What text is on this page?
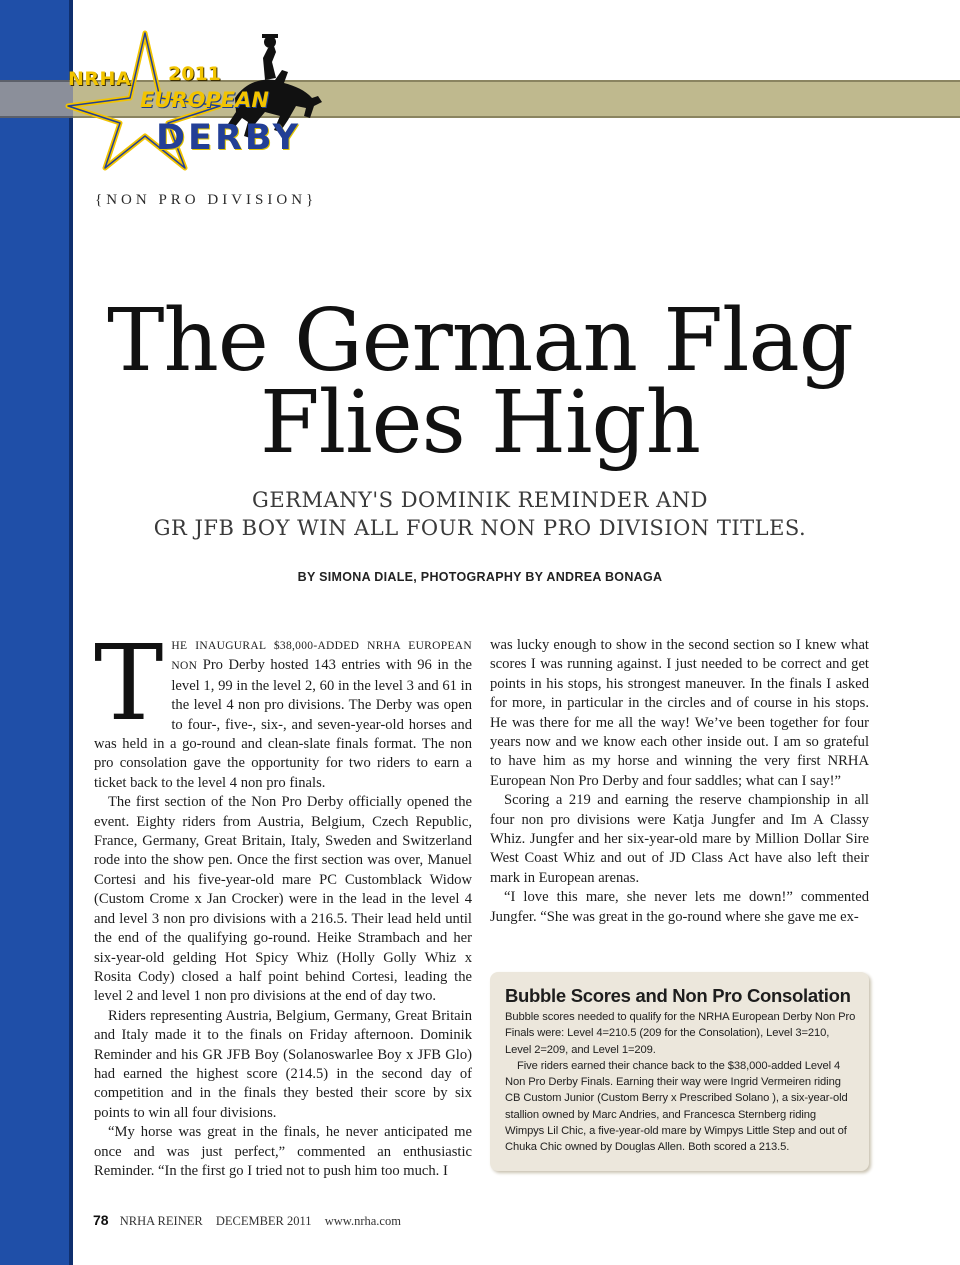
NRHA 2011
EUROPEAN
DERBY
{NON PRO DIVISION}
The German Flag
Flies High
GERMANY'S DOMINIK REMINDER AND
GR JFB BOY WIN ALL FOUR NON PRO DIVISION TITLES.
BY SIMONA DIALE, PHOTOGRAPHY BY ANDREA BONAGA

THE INAUGURAL $38,000-ADDED NRHA EUROPEAN NON Pro Derby hosted 143 entries with 96 in the level 1, 99 in the level 2, 60 in the level 3 and 61 in the level 4 non pro divisions. The Derby was open to four-, five-, six-, and seven-year-old horses and was held in a go-round and clean-slate finals format. The non pro consolation gave the opportunity for two riders to earn a ticket back to the level 4 non pro finals.

The first section of the Non Pro Derby officially opened the event. Eighty riders from Austria, Belgium, Czech Republic, France, Germany, Great Britain, Italy, Sweden and Switzerland rode into the show pen. Once the first section was over, Manuel Cortesi and his five-year-old mare PC Customblack Widow (Custom Crome x Jan Crocker) were in the lead in the level 4 and level 3 non pro divisions with a 216.5. Their lead held until the end of the qualifying go-round. Heike Strambach and her six-year-old gelding Hot Spicy Whiz (Holly Golly Whiz x Rosita Cody) closed a half point behind Cortesi, leading the level 2 and level 1 non pro divisions at the end of day two.

Riders representing Austria, Belgium, Germany, Great Britain and Italy made it to the finals on Friday afternoon. Dominik Reminder and his GR JFB Boy (Solanoswarlee Boy x JFB Glo) had earned the highest score (214.5) in the second day of competition and in the finals they bested their score by six points to win all four divisions.

“My horse was great in the finals, he never anticipated me once and was just perfect,” commented an enthusiastic Reminder. “In the first go I tried not to push him too much. I

was lucky enough to show in the second section so I knew what scores I was running against. I just needed to be correct and get points in his stops, his strongest maneuver. In the finals I asked for more, in particular in the circles and of course in his stops. He was there for me all the way! We’ve been together for four years now and we know each other inside out. I am so grateful to have him as my horse and winning the very first NRHA European Non Pro Derby and four saddles; what can I say!”

Scoring a 219 and earning the reserve championship in all four non pro divisions were Katja Jungfer and Im A Classy Whiz. Jungfer and her six-year-old mare by Million Dollar Sire West Coast Whiz and out of JD Class Act have also left their mark in European arenas.

“I love this mare, she never lets me down!” commented Jungfer. “She was great in the go-round where she gave me ex-

Bubble Scores and Non Pro Consolation

Bubble scores needed to qualify for the NRHA European Derby Non Pro Finals were: Level 4=210.5 (209 for the Consolation), Level 3=210, Level 2=209, and Level 1=209.

Five riders earned their chance back to the $38,000-added Level 4 Non Pro Derby Finals. Earning their way were Ingrid Vermeiren riding CB Custom Junior (Custom Berry x Prescribed Solano ), a six-year-old stallion owned by Marc Andries, and Francesca Sternberg riding Wimpys Lil Chic, a five-year-old mare by Wimpys Little Step and out of Chuka Chic owned by Douglas Allen. Both scored a 213.5.

78 NRHA REINER DECEMBER 2011 www.nrha.com
